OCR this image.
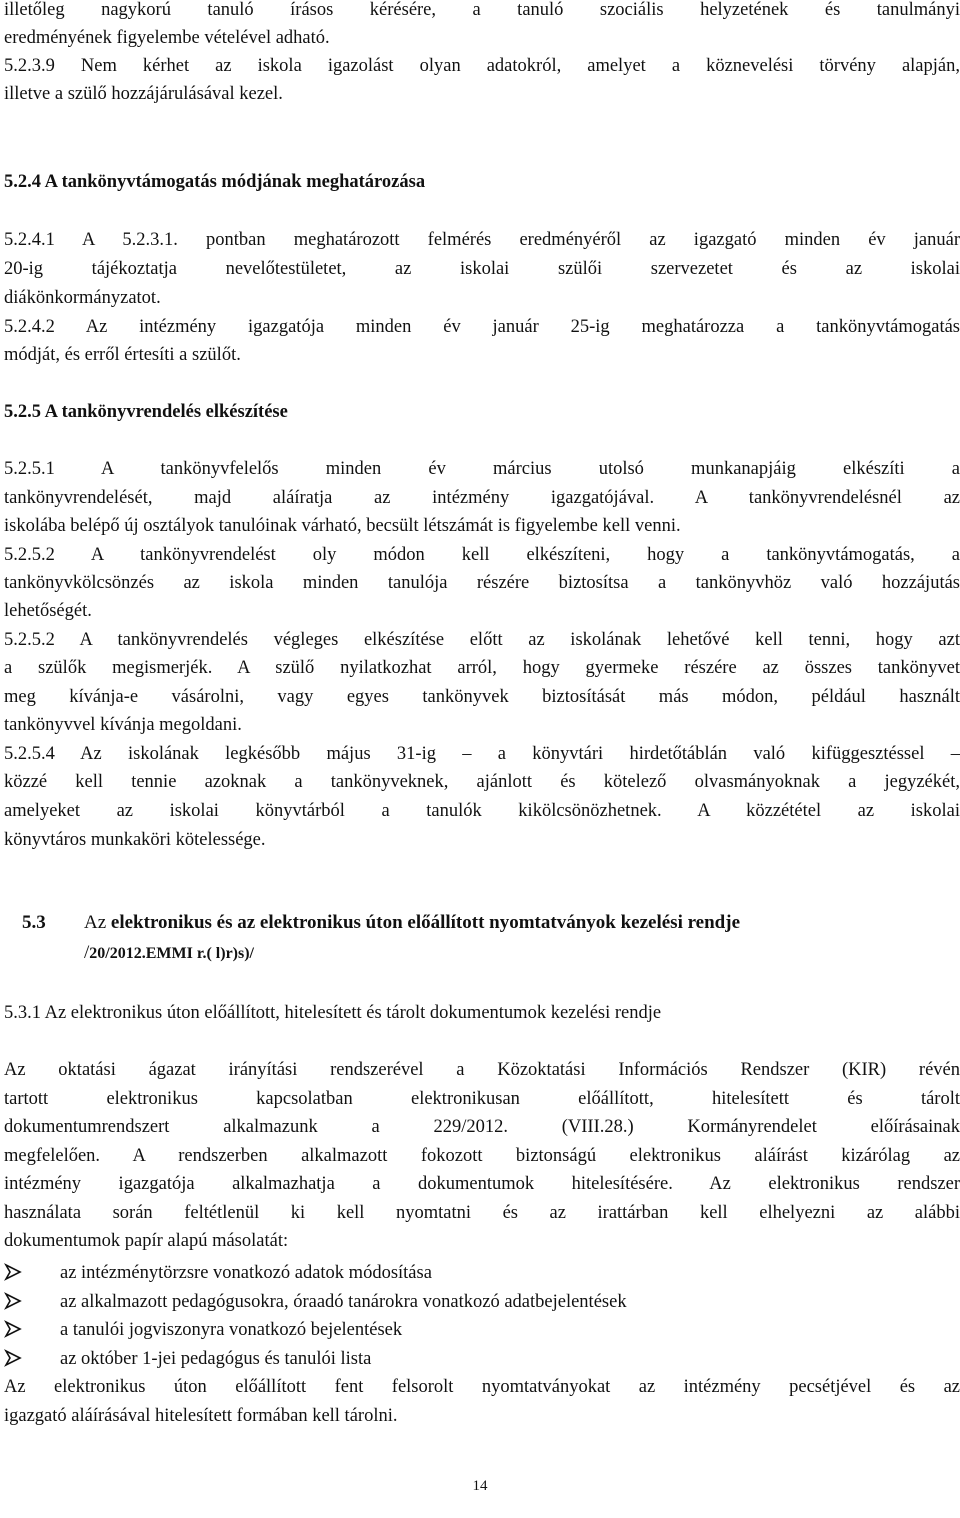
illetőleg nagykorú tanuló írásos kérésére, a tanuló szociális helyzetének és tanulmányi
eredményének figyelembe vételével adható.
5.2.3.9 Nem kérhet az iskola igazolást olyan adatokról, amelyet a köznevelési törvény alapján,
illetve a szülő hozzájárulásával kezel.
5.2.4 A tankönyvtámogatás módjának meghatározása
5.2.4.1 A 5.2.3.1. pontban meghatározott felmérés eredményéről az igazgató minden év január
20-ig tájékoztatja nevelőtestületet, az iskolai szülői szervezetet és az iskolai
diákönkormányzatot.
5.2.4.2 Az intézmény igazgatója minden év január 25-ig meghatározza a tankönyvtámogatás
módját, és erről értesíti a szülőt.
5.2.5 A tankönyvrendelés elkészítése
5.2.5.1 A tankönyvfelelős minden év március utolsó munkanapjáig elkészíti a
tankönyvrendelését, majd aláíratja az intézmény igazgatójával. A tankönyvrendelésnél az
iskolába belépő új osztályok tanulóinak várható, becsült létszámát is figyelembe kell venni.
5.2.5.2 A tankönyvrendelést oly módon kell elkészíteni, hogy a tankönyvtámogatás, a
tankönyvkölcsönzés az iskola minden tanulója részére biztosítsa a tankönyvhöz való hozzájutás
lehetőségét.
5.2.5.2 A tankönyvrendelés végleges elkészítése előtt az iskolának lehetővé kell tenni, hogy azt
a szülők megismerjék. A szülő nyilatkozhat arról, hogy gyermeke részére az összes tankönyvet
meg kívánja-e vásárolni, vagy egyes tankönyvek biztosítását más módon, például használt
tankönyvvel kívánja megoldani.
5.2.5.4 Az iskolának legkésőbb május 31-ig – a könyvtári hirdetőtáblán való kifüggesztéssel –
közzé kell tennie azoknak a tankönyveknek, ajánlott és kötelező olvasmányoknak a jegyzékét,
amelyeket az iskolai könyvtárból a tanulók kikölcsönözhetnek. A közzététel az iskolai
könyvtáros munkaköri kötelessége.
5.3 Az elektronikus és az elektronikus úton előállított nyomtatványok kezelési rendje
/20/2012.EMMI r.( l)r)s)/
5.3.1 Az elektronikus úton előállított, hitelesített és tárolt dokumentumok kezelési rendje
Az oktatási ágazat irányítási rendszerével a Közoktatási Információs Rendszer (KIR) révén
tartott elektronikus kapcsolatban elektronikusan előállított, hitelesített és tárolt
dokumentumrendszert alkalmazunk a 229/2012. (VIII.28.) Kormányrendelet előírásainak
megfelelően. A rendszerben alkalmazott fokozott biztonságú elektronikus aláírást kizárólag az
intézmény igazgatója alkalmazhatja a dokumentumok hitelesítésére. Az elektronikus rendszer
használata során feltétlenül ki kell nyomtatni és az irattárban kell elhelyezni az alábbi
dokumentumok papír alapú másolatát:
az intézménytörzsre vonatkozó adatok módosítása
az alkalmazott pedagógusokra, óraadó tanárokra vonatkozó adatbejelentések
a tanulói jogviszonyra vonatkozó bejelentések
az október 1-jei pedagógus és tanulói lista
Az elektronikus úton előállított fent felsorolt nyomtatványokat az intézmény pecsétjével és az
igazgató aláírásával hitelesített formában kell tárolni.
14
